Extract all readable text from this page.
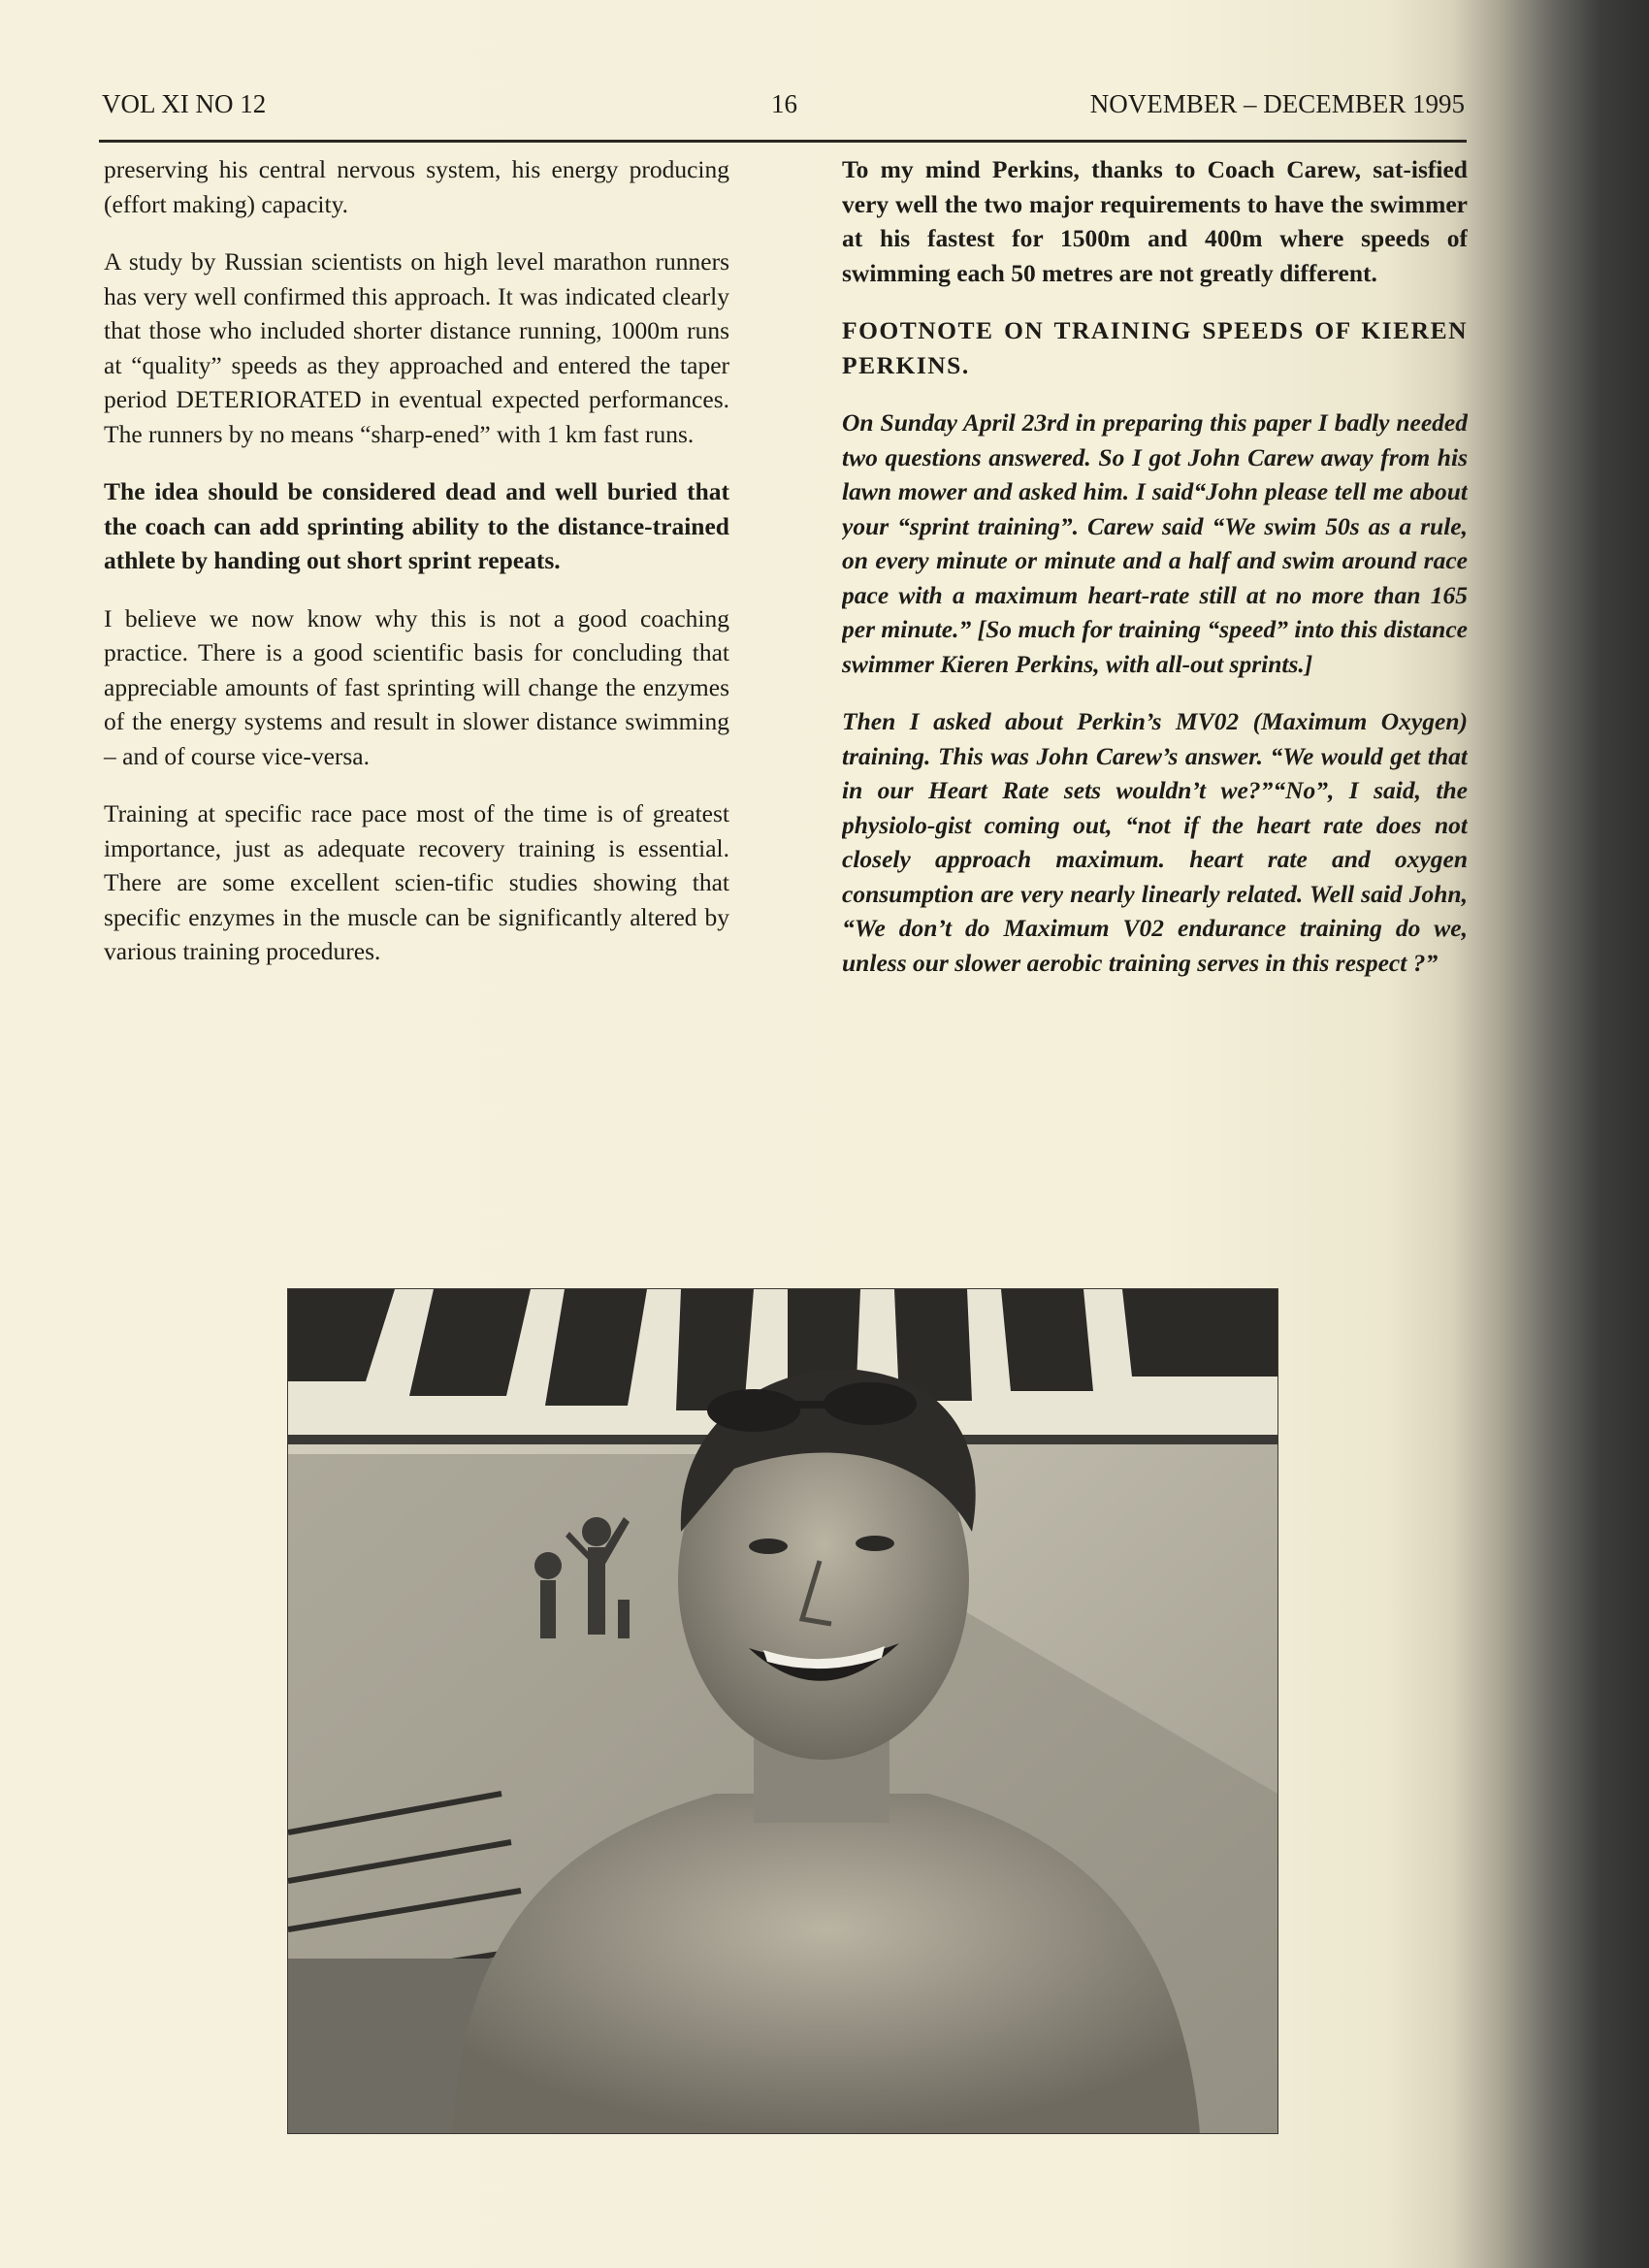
VOL XI NO 12	16	NOVEMBER – DECEMBER 1995

preserving his central nervous system, his energy producing (effort making) capacity.

A study by Russian scientists on high level marathon runners has very well confirmed this approach. It was indicated clearly that those who included shorter distance running, 1000m runs at “quality” speeds as they approached and entered the taper period DETERIORATED in eventual expected performances. The runners by no means “sharp-ened” with 1 km fast runs.

The idea should be considered dead and well buried that the coach can add sprinting ability to the distance-trained athlete by handing out short sprint repeats.

I believe we now know why this is not a good coaching practice. There is a good scientific basis for concluding that appreciable amounts of fast sprinting will change the enzymes of the energy systems and result in slower distance swimming – and of course vice-versa.

Training at specific race pace most of the time is of greatest importance, just as adequate recovery training is essential. There are some excellent scien-tific studies showing that specific enzymes in the muscle can be significantly altered by various training procedures.

To my mind Perkins, thanks to Coach Carew, sat-isfied very well the two major requirements to have the swimmer at his fastest for 1500m and 400m where speeds of swimming each 50 metres are not greatly different.

FOOTNOTE ON TRAINING SPEEDS OF KIEREN PERKINS.

On Sunday April 23rd in preparing this paper I badly needed two questions answered. So I got John Carew away from his lawn mower and asked him. I said“John please tell me about your “sprint training”. Carew said “We swim 50s as a rule, on every minute or minute and a half and swim around race pace with a maximum heart-rate still at no more than 165 per minute.” [So much for training “speed” into this distance swimmer Kieren Perkins, with all-out sprints.]

Then I asked about Perkin’s MV02 (Maximum Oxygen) training. This was John Carew’s answer. “We would get that in our Heart Rate sets wouldn’t we?”“No”, I said, the physiolo-gist coming out, “not if the heart rate does not closely approach maximum. heart rate and oxygen consumption are very nearly linearly related. Well said John, “We don’t do Maximum V02 endurance training do we, unless our slower aerobic training serves in this respect ?”
